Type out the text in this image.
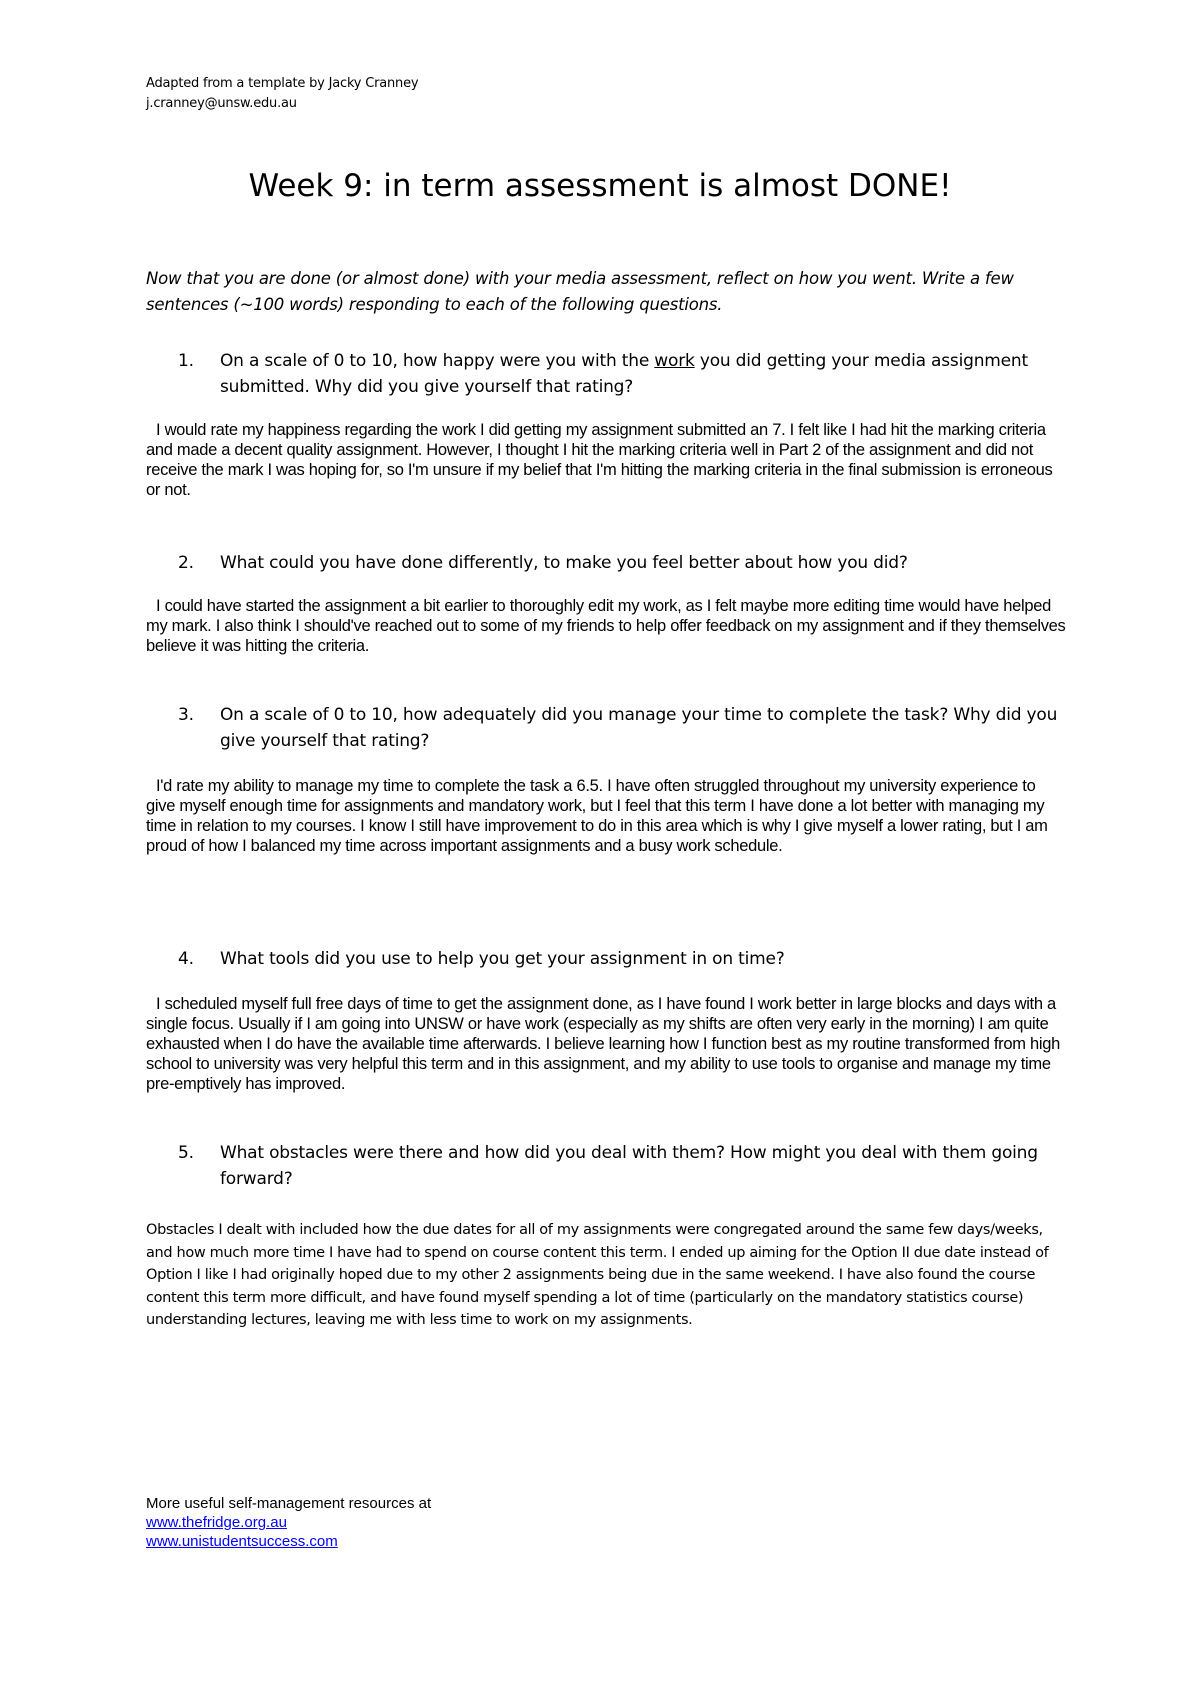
Adapted from a template by Jacky Cranney
j.cranney@unsw.edu.au
Week 9: in term assessment is almost DONE!
Now that you are done (or almost done) with your media assessment, reflect on how you went. Write a few sentences (~100 words) responding to each of the following questions.
1.	On a scale of 0 to 10, how happy were you with the work you did getting your media assignment submitted. Why did you give yourself that rating?
I would rate my happiness regarding the work I did getting my assignment submitted an 7. I felt like I had hit the marking criteria and made a decent quality assignment. However, I thought I hit the marking criteria well in Part 2 of the assignment and did not receive the mark I was hoping for, so I'm unsure if my belief that I'm hitting the marking criteria in the final submission is erroneous or not.
2.	What could you have done differently, to make you feel better about how you did?
I could have started the assignment a bit earlier to thoroughly edit my work, as I felt maybe more editing time would have helped my mark. I also think I should've reached out to some of my friends to help offer feedback on my assignment and if they themselves believe it was hitting the criteria.
3.	On a scale of 0 to 10, how adequately did you manage your time to complete the task? Why did you give yourself that rating?
I'd rate my ability to manage my time to complete the task a 6.5. I have often struggled throughout my university experience to give myself enough time for assignments and mandatory work, but I feel that this term I have done a lot better with managing my time in relation to my courses. I know I still have improvement to do in this area which is why I give myself a lower rating, but I am proud of how I balanced my time across important assignments and a busy work schedule.
4.	What tools did you use to help you get your assignment in on time?
I scheduled myself full free days of time to get the assignment done, as I have found I work better in large blocks and days with a single focus. Usually if I am going into UNSW or have work (especially as my shifts are often very early in the morning) I am quite exhausted when I do have the available time afterwards. I believe learning how I function best as my routine transformed from high school to university was very helpful this term and in this assignment, and my ability to use tools to organise and manage my time pre-emptively has improved.
5.	What obstacles were there and how did you deal with them? How might you deal with them going forward?
Obstacles I dealt with included how the due dates for all of my assignments were congregated around the same few days/weeks, and how much more time I have had to spend on course content this term. I ended up aiming for the Option II due date instead of Option I like I had originally hoped due to my other 2 assignments being due in the same weekend. I have also found the course content this term more difficult, and have found myself spending a lot of time (particularly on the mandatory statistics course) understanding lectures, leaving me with less time to work on my assignments.
More useful self-management resources at
www.thefridge.org.au
www.unistudentsuccess.com
